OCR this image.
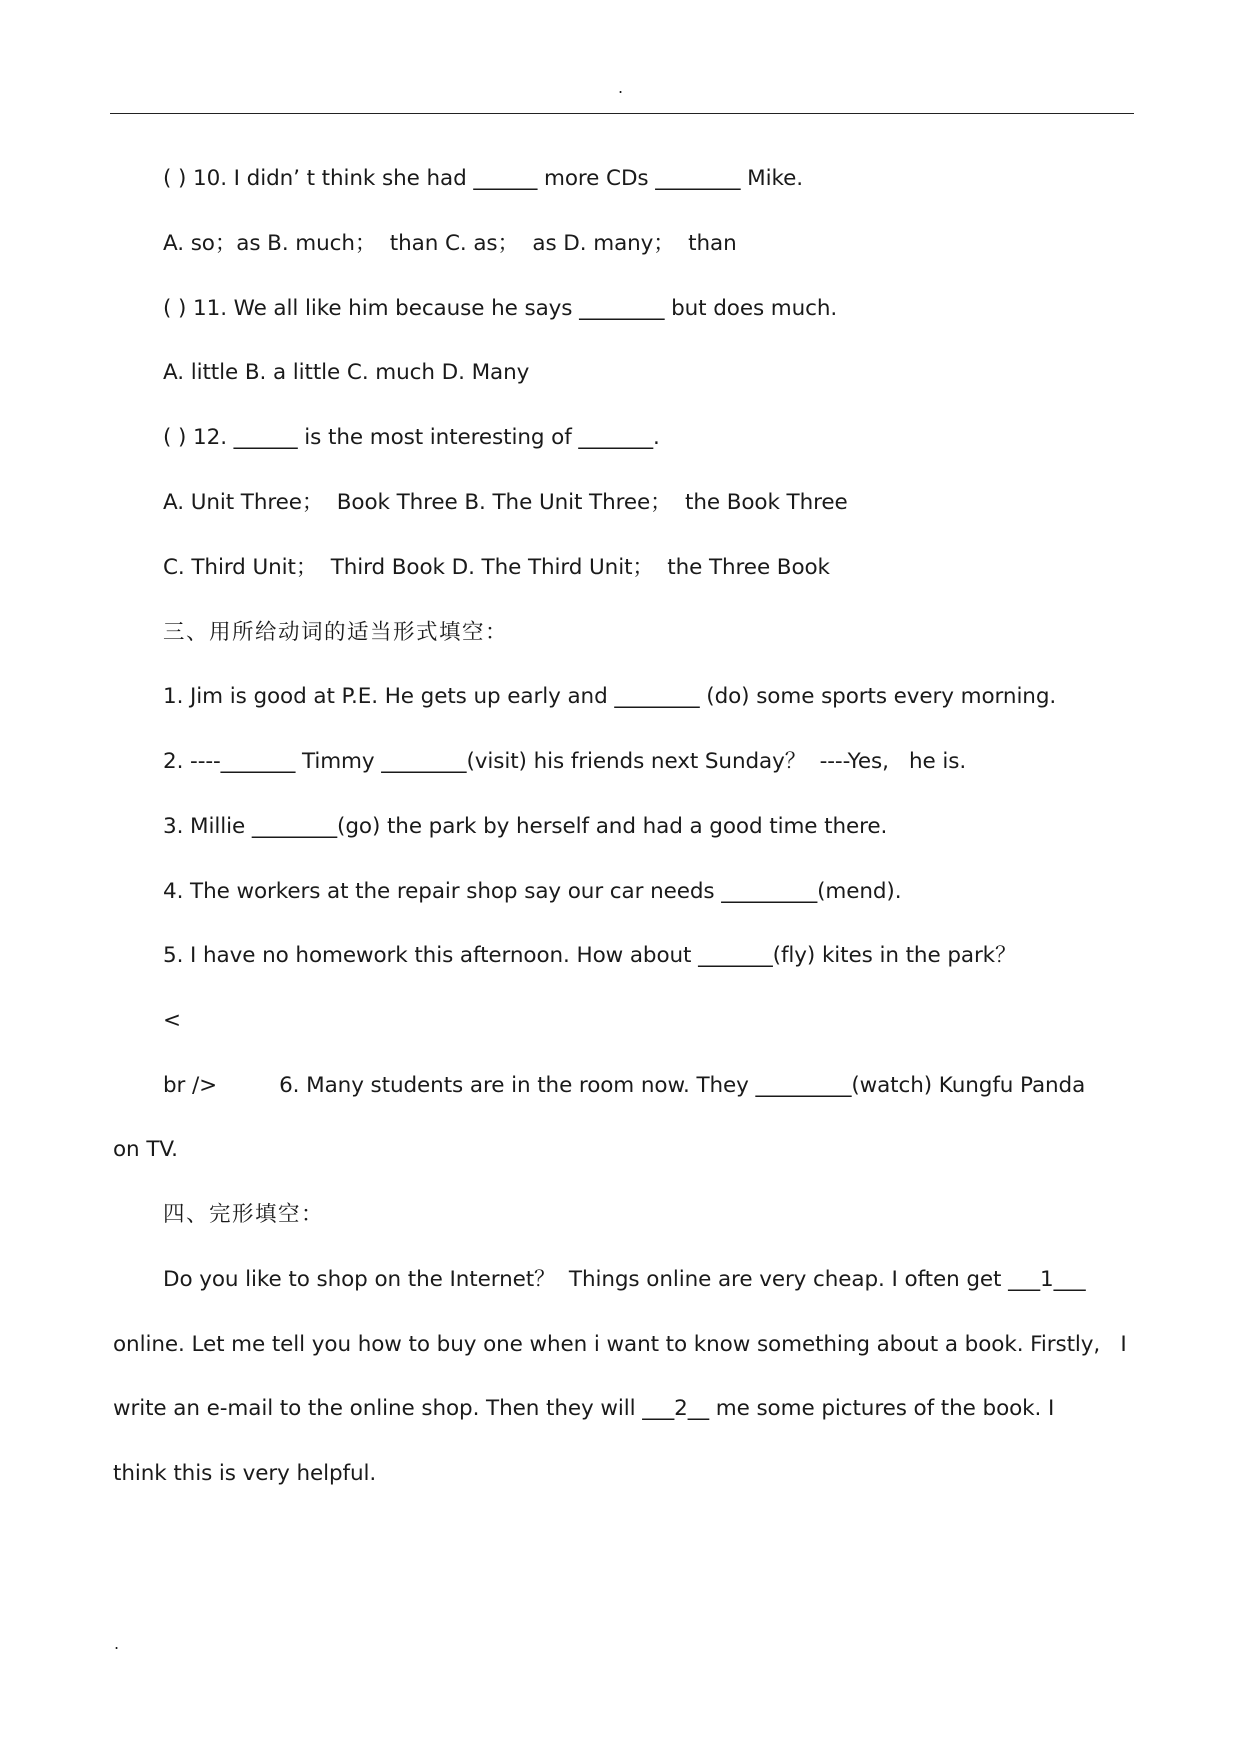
.
( ) 10. I didn’ t think she had ______ more CDs ________ Mike.
A. so；as B. much；  than C. as；  as D. many；  than
( ) 11. We all like him because he says ________ but does much.
A. little B. a little C. much D. Many
( ) 12. ______ is the most interesting of _______.
A. Unit Three；  Book Three B. The Unit Three；  the Book Three
C. Third Unit；  Third Book D. The Third Unit；  the Three Book
三、用所给动词的适当形式填空：
1. Jim is good at P.E. He gets up early and ________ (do) some sports every morning.
2. ----_______ Timmy ________(visit) his friends next Sunday？  ----Yes,   he is.
3. Millie ________(go) the park by herself and had a good time there.
4. The workers at the repair shop say our car needs _________(mend).
5. I have no homework this afternoon. How about _______(fly) kites in the park？
<
br />	6. Many students are in the room now. They _________(watch) Kungfu Panda
on TV.
四、完形填空：
Do you like to shop on the Internet？  Things online are very cheap. I often get ___1___
online. Let me tell you how to buy one when i want to know something about a book. Firstly,   I
write an e-mail to the online shop. Then they will ___2__ me some pictures of the book. I
think this is very helpful.
.
